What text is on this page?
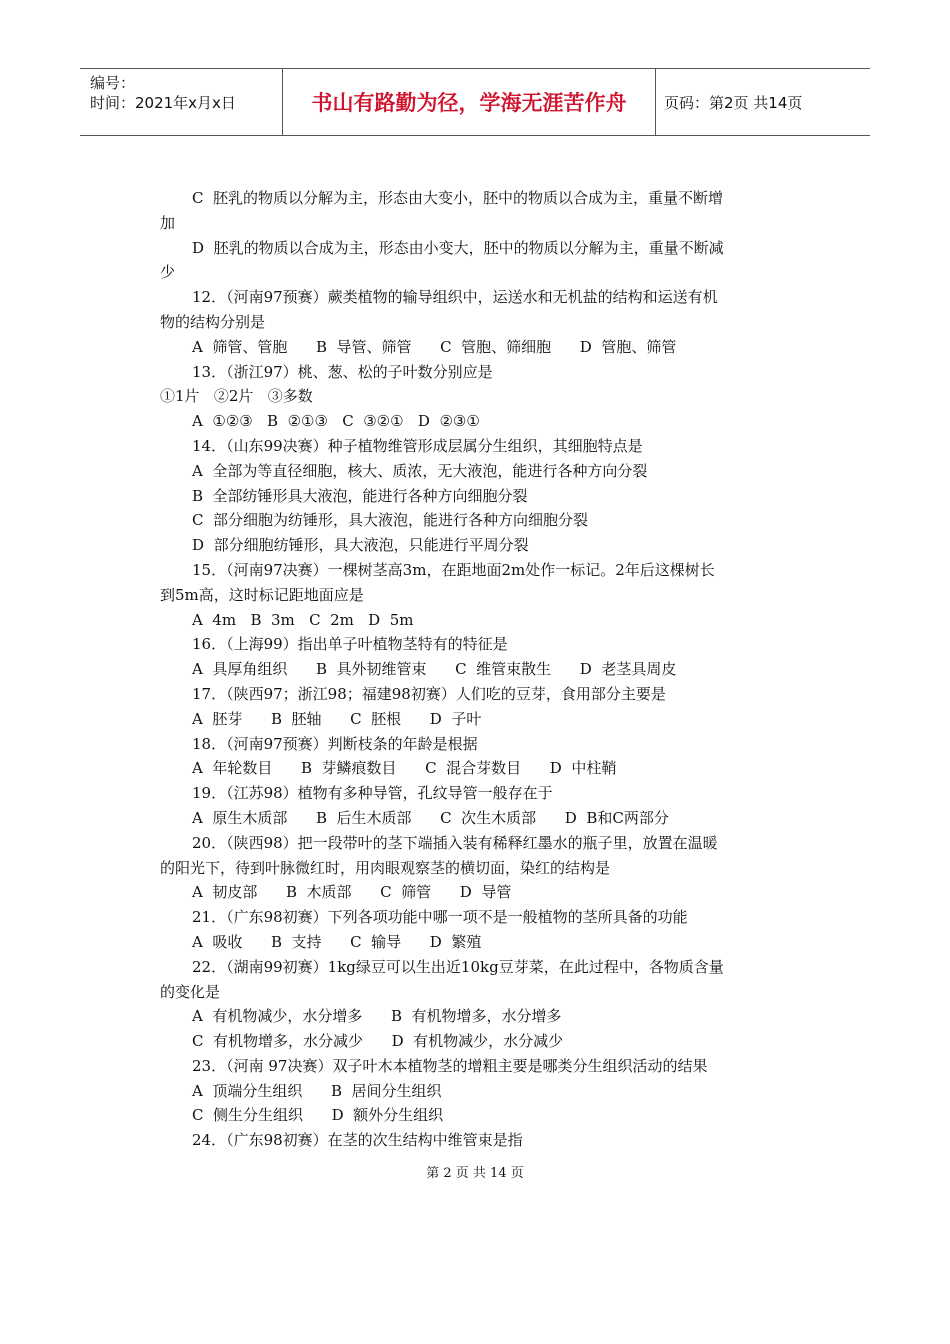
编号：
时间：2021年x月x日	书山有路勤为径，学海无涯苦作舟	页码：第2页 共14页
C  胚乳的物质以分解为主，形态由大变小，胚中的物质以合成为主，重量不断增
加
D  胚乳的物质以合成为主，形态由小变大，胚中的物质以分解为主，重量不断减
少
12．（河南97预赛）蕨类植物的输导组织中，运送水和无机盐的结构和运送有机
物的结构分别是
A  筛管、管胞      B  导管、筛管      C  管胞、筛细胞      D  管胞、筛管
13．（浙江97）桃、葱、松的子叶数分别应是
①1片   ②2片   ③多数
A  ①②③   B  ②①③   C  ③②①   D  ②③①
14．（山东99决赛）种子植物维管形成层属分生组织，其细胞特点是
A  全部为等直径细胞，核大、质浓，无大液泡，能进行各种方向分裂
B  全部纺锤形具大液泡，能进行各种方向细胞分裂
C  部分细胞为纺锤形，具大液泡，能进行各种方向细胞分裂
D  部分细胞纺锤形，具大液泡，只能进行平周分裂
15．（河南97决赛）一棵树茎高3m，在距地面2m处作一标记。2年后这棵树长
到5m高，这时标记距地面应是
A  4m   B  3m   C  2m   D  5m
16．（上海99）指出单子叶植物茎特有的特征是
A  具厚角组织      B  具外韧维管束      C  维管束散生      D  老茎具周皮
17．（陕西97；浙江98；福建98初赛）人们吃的豆芽，食用部分主要是
A  胚芽      B  胚轴      C  胚根      D  子叶
18．（河南97预赛）判断枝条的年龄是根据
A  年轮数目      B  芽鳞痕数目      C  混合芽数目      D  中柱鞘
19．（江苏98）植物有多种导管，孔纹导管一般存在于
A  原生木质部      B  后生木质部      C  次生木质部      D  B和C两部分
20．（陕西98）把一段带叶的茎下端插入装有稀释红墨水的瓶子里，放置在温暖
的阳光下，待到叶脉微红时，用肉眼观察茎的横切面，染红的结构是
A  韧皮部      B  木质部      C  筛管      D  导管
21．（广东98初赛）下列各项功能中哪一项不是一般植物的茎所具备的功能
A  吸收      B  支持      C  输导      D  繁殖
22．（湖南99初赛）1kg绿豆可以生出近10kg豆芽菜，在此过程中，各物质含量
的变化是
A  有机物减少，水分增多      B  有机物增多，水分增多
C  有机物增多，水分减少      D  有机物减少，水分减少
23．（河南 97决赛）双子叶木本植物茎的增粗主要是哪类分生组织活动的结果
A  顶端分生组织      B  居间分生组织
C  侧生分生组织      D  额外分生组织
24．（广东98初赛）在茎的次生结构中维管束是指
第 2 页 共 14 页
